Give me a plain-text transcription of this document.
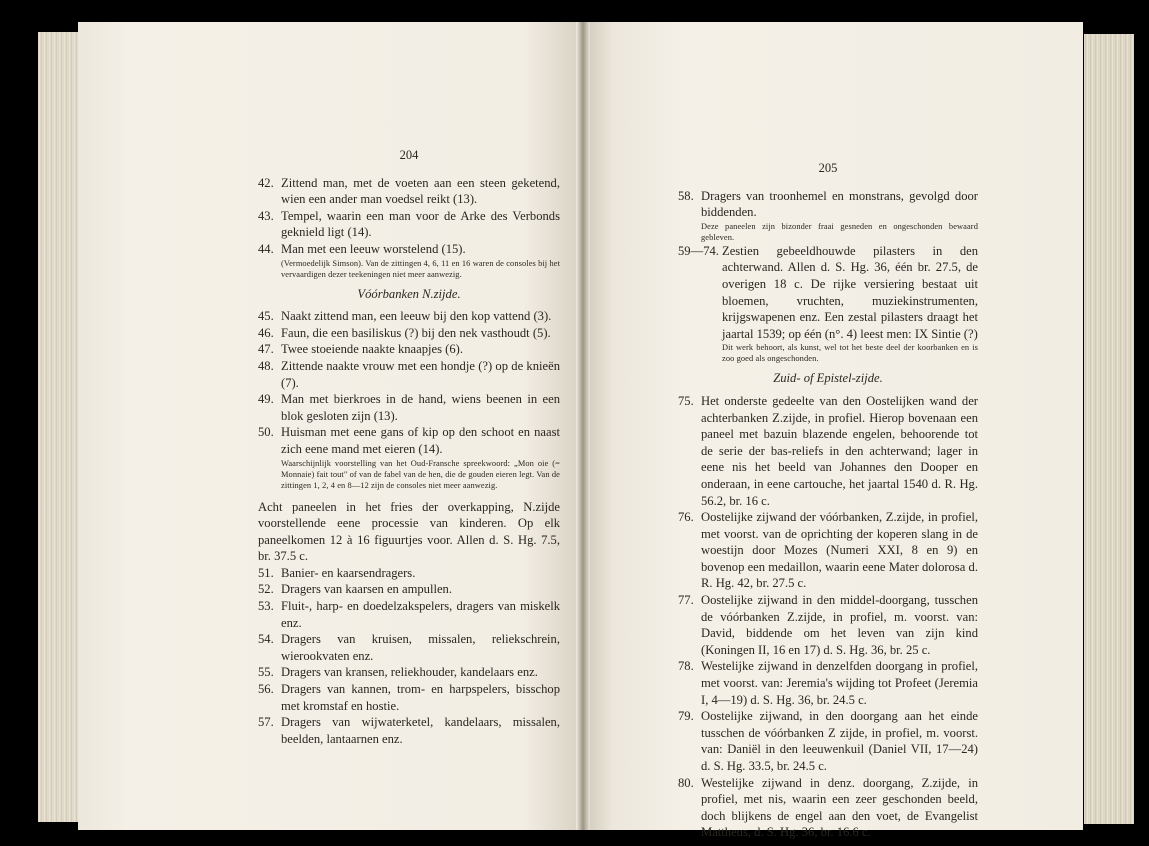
204
42. Zittend man, met de voeten aan een steen geketend, wien een ander man voedsel reikt (13).
43. Tempel, waarin een man voor de Arke des Verbonds geknield ligt (14).
44. Man met een leeuw worstelend (15).
(Vermoedelijk Simson). Van de zittingen 4, 6, 11 en 16 waren de consoles bij het vervaardigen dezer teekeningen niet meer aanwezig.
Vóórbanken N.zijde.
45. Naakt zittend man, een leeuw bij den kop vattend (3).
46. Faun, die een basiliskus (?) bij den nek vasthoudt (5).
47. Twee stoeiende naakte knaapjes (6).
48. Zittende naakte vrouw met een hondje (?) op de knieën (7).
49. Man met bierkroes in de hand, wiens beenen in een blok gesloten zijn (13).
50. Huisman met eene gans of kip op den schoot en naast zich eene mand met eieren (14).
Waarschijnlijk voorstelling van het Oud-Fransche spreekwoord: „Mon oie (= Monnaie) fait tout" of van de fabel van de hen, die de gouden eieren legt. Van de zittingen 1, 2, 4 en 8—12 zijn de consoles niet meer aanwezig.
Acht paneelen in het fries der overkapping, N.zijde voorstellende eene processie van kinderen. Op elk paneelkomen 12 à 16 figuurtjes voor. Allen d. S. Hg. 7.5, br. 37.5 c.
51. Banier- en kaarsendragers.
52. Dragers van kaarsen en ampullen.
53. Fluit-, harp- en doedelzakspelers, dragers van miskelk enz.
54. Dragers van kruisen, missalen, reliekschrein, wierookvaten enz.
55. Dragers van kransen, reliekhouder, kandelaars enz.
56. Dragers van kannen, trom- en harpspelers, bisschop met kromstaf en hostie.
57. Dragers van wijwaterketel, kandelaars, missalen, beelden, lantaarnen enz.
205
58. Dragers van troonhemel en monstrans, gevolgd door biddenden.
Deze paneelen zijn bizonder fraai gesneden en ongeschonden bewaard gebleven.
59—74. Zestien gebeeldhouwde pilasters in den achterwand. Allen d. S. Hg. 36, één br. 27.5, de overigen 18 c. De rijke versiering bestaat uit bloemen, vruchten, muziekinstrumenten, krijgswapenen enz. Een zestal pilasters draagt het jaartal 1539; op één (n°. 4) leest men: IX Sintie (?)
Dit werk behoort, als kunst, wel tot het beste deel der koorbanken en is zoo goed als ongeschonden.
Zuid- of Epistel-zijde.
75. Het onderste gedeelte van den Oostelijken wand der achterbanken Z.zijde, in profiel. Hierop bovenaan een paneel met bazuin blazende engelen, behoorende tot de serie der bas-reliefs in den achterwand; lager in eene nis het beeld van Johannes den Dooper en onderaan, in eene cartouche, het jaartal 1540 d. R. Hg. 56.2, br. 16 c.
76. Oostelijke zijwand der vóórbanken, Z.zijde, in profiel, met voorst. van de oprichting der koperen slang in de woestijn door Mozes (Numeri XXI, 8 en 9) en bovenop een medaillon, waarin eene Mater dolorosa d. R. Hg. 42, br. 27.5 c.
77. Oostelijke zijwand in den middel-doorgang, tusschen de vóórbanken Z.zijde, in profiel, m. voorst. van: David, biddende om het leven van zijn kind (Koningen II, 16 en 17) d. S. Hg. 36, br. 25 c.
78. Westelijke zijwand in denzelfden doorgang in profiel, met voorst. van: Jeremia's wijding tot Profeet (Jeremia I, 4—19) d. S. Hg. 36, br. 24.5 c.
79. Oostelijke zijwand, in den doorgang aan het einde tusschen de vóórbanken Z zijde, in profiel, m. voorst. van: Daniël in den leeuwenkuil (Daniel VII, 17—24) d. S. Hg. 33.5, br. 24.5 c.
80. Westelijke zijwand in denz. doorgang, Z.zijde, in profiel, met nis, waarin een zeer geschonden beeld, doch blijkens de engel aan den voet, de Evangelist Mattheus, d. S. Hg. 36, br. 16.6 c.
